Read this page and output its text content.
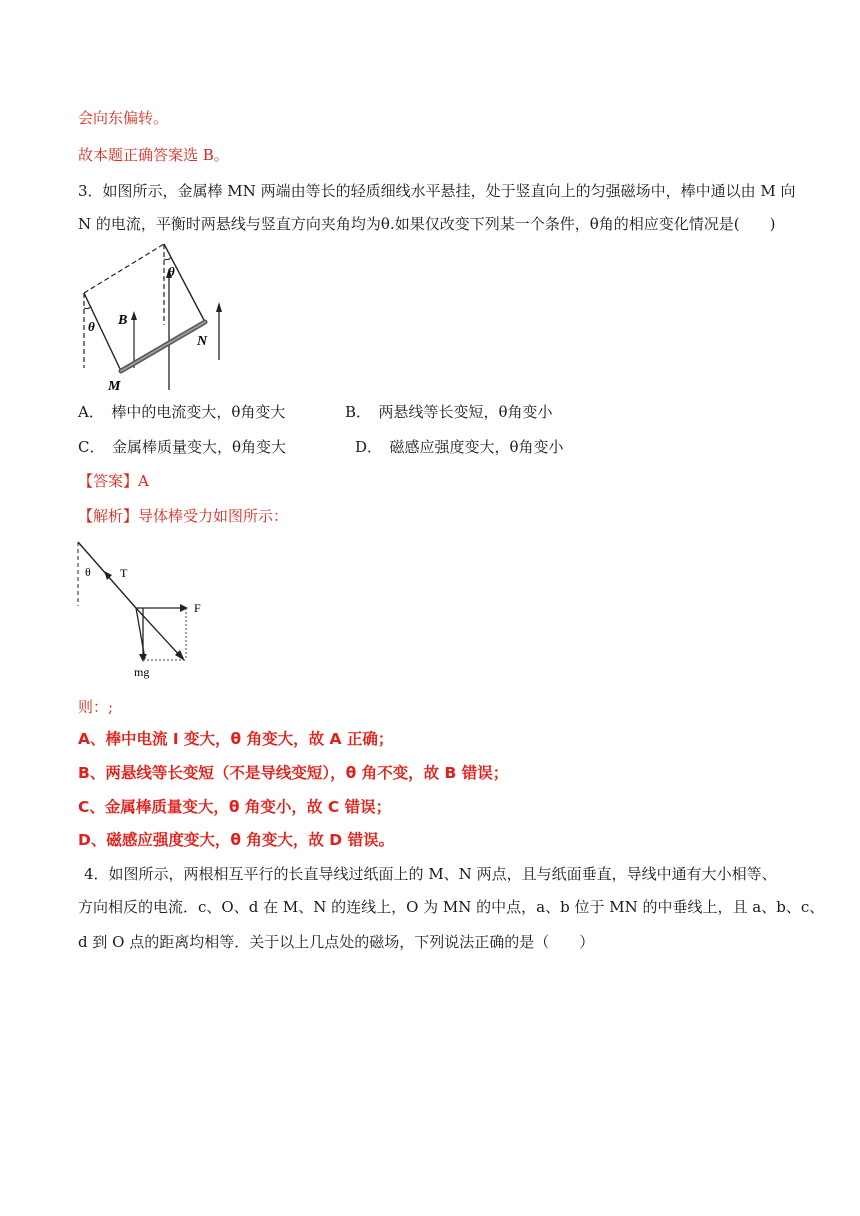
会向东偏转。
故本题正确答案选 B。
3．如图所示，金属棒 MN 两端由等长的轻质细线水平悬挂，处于竖直向上的匀强磁场中，棒中通以由 M 向
N 的电流，平衡时两悬线与竖直方向夹角均为θ.如果仅改变下列某一个条件，θ角的相应变化情况是(　　)
θ
θ
B
M
N
A．　棒中的电流变大，θ角变大	B．　两悬线等长变短，θ角变小
C．　金属棒质量变大，θ角变大	D．　磁感应强度变大，θ角变小
【答案】A
【解析】导体棒受力如图所示：
θ T
F
mg
则：;
A、棒中电流 I 变大，θ 角变大，故 A 正确；
B、两悬线等长变短（不是导线变短），θ 角不变，故 B 错误；
C、金属棒质量变大，θ 角变小，故 C 错误；
D、磁感应强度变大，θ 角变大，故 D 错误。
4．如图所示，两根相互平行的长直导线过纸面上的 M、N 两点，且与纸面垂直，导线中通有大小相等、
方向相反的电流．c、O、d 在 M、N 的连线上，O 为 MN 的中点，a、b 位于 MN 的中垂线上，且 a、b、c、
d 到 O 点的距离均相等．关于以上几点处的磁场，下列说法正确的是（　　）
